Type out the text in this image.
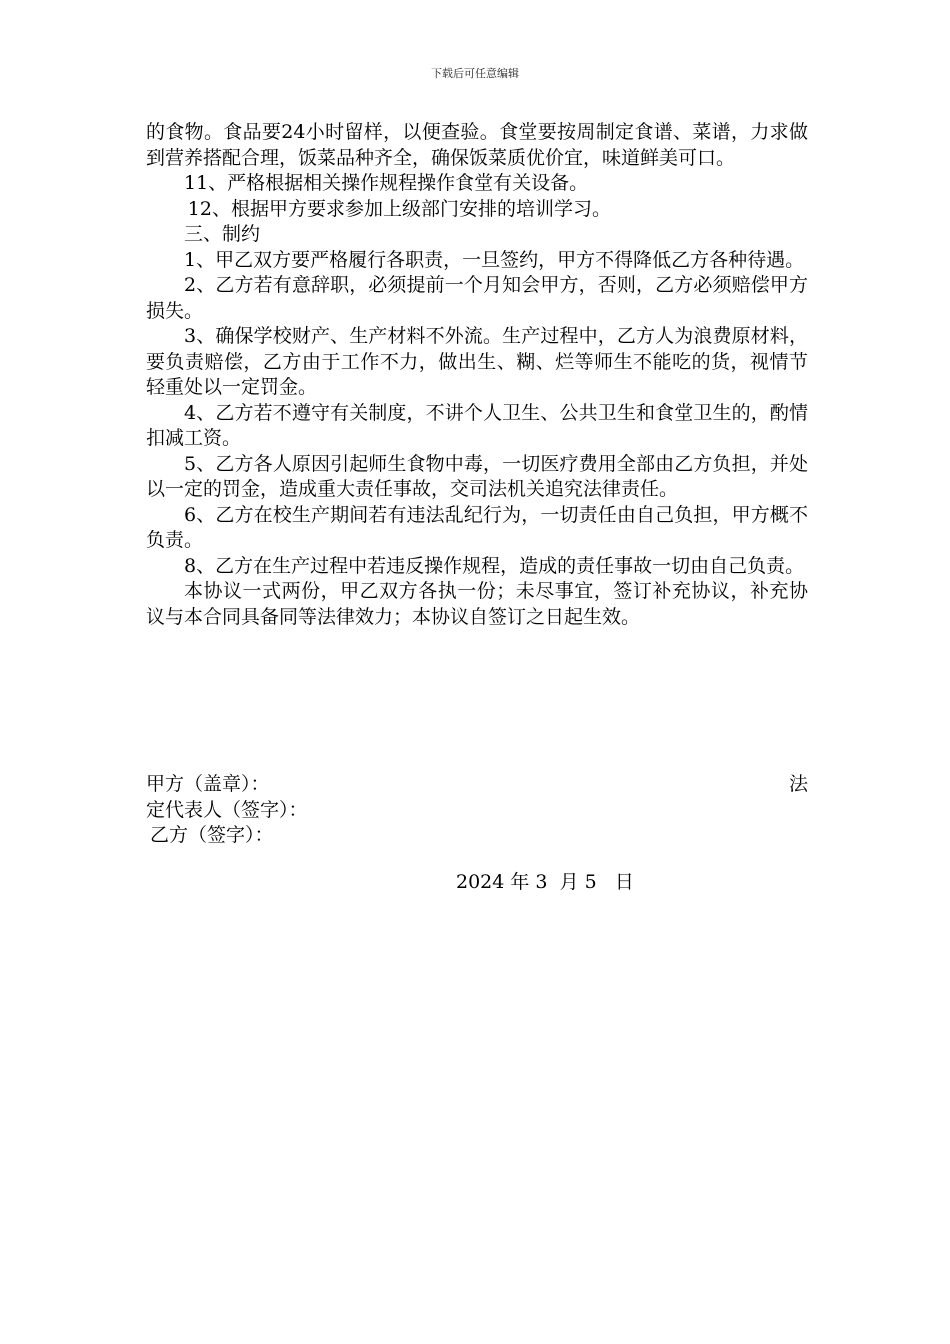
下载后可任意编辑

的食物。食品要24小时留样，以便查验。食堂要按周制定食谱、菜谱，力求做到营养搭配合理，饭菜品种齐全，确保饭菜质优价宜，味道鲜美可口。

11、严格根据相关操作规程操作食堂有关设备。

12、根据甲方要求参加上级部门安排的培训学习。

三、制约

1、甲乙双方要严格履行各职责，一旦签约，甲方不得降低乙方各种待遇。

2、乙方若有意辞职，必须提前一个月知会甲方，否则，乙方必须赔偿甲方损失。

3、确保学校财产、生产材料不外流。生产过程中，乙方人为浪费原材料，要负责赔偿，乙方由于工作不力，做出生、糊、烂等师生不能吃的货，视情节轻重处以一定罚金。

4、乙方若不遵守有关制度，不讲个人卫生、公共卫生和食堂卫生的，酌情扣减工资。

5、乙方各人原因引起师生食物中毒，一切医疗费用全部由乙方负担，并处以一定的罚金，造成重大责任事故，交司法机关追究法律责任。

6、乙方在校生产期间若有违法乱纪行为，一切责任由自己负担，甲方概不负责。

8、乙方在生产过程中若违反操作规程，造成的责任事故一切由自己负责。

本协议一式两份，甲乙双方各执一份；未尽事宜，签订补充协议，补充协议与本合同具备同等法律效力；本协议自签订之日起生效。

甲方（盖章）：	法
定代表人（签字）：
乙方（签字）：
2024 年 3  月 5   日
